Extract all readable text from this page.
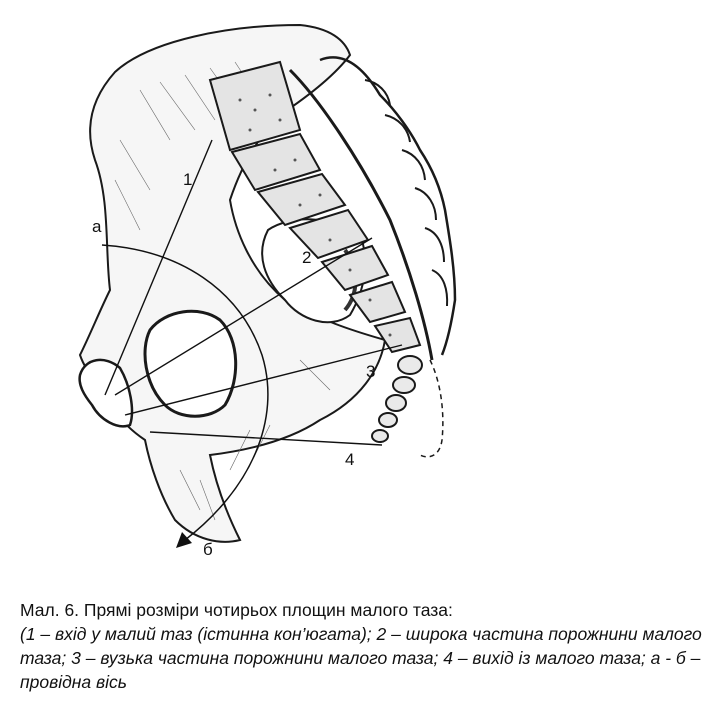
1
2
3
4
а
б
Мал. 6. Прямі розміри чотирьох площин малого таза:
(1 – вхід у малий таз (істинна кон’югата); 2 – широка частина порожнини малого таза; 3 – вузька частина порожнини малого таза; 4 – вихід із малого таза; а - б – провідна вісь
